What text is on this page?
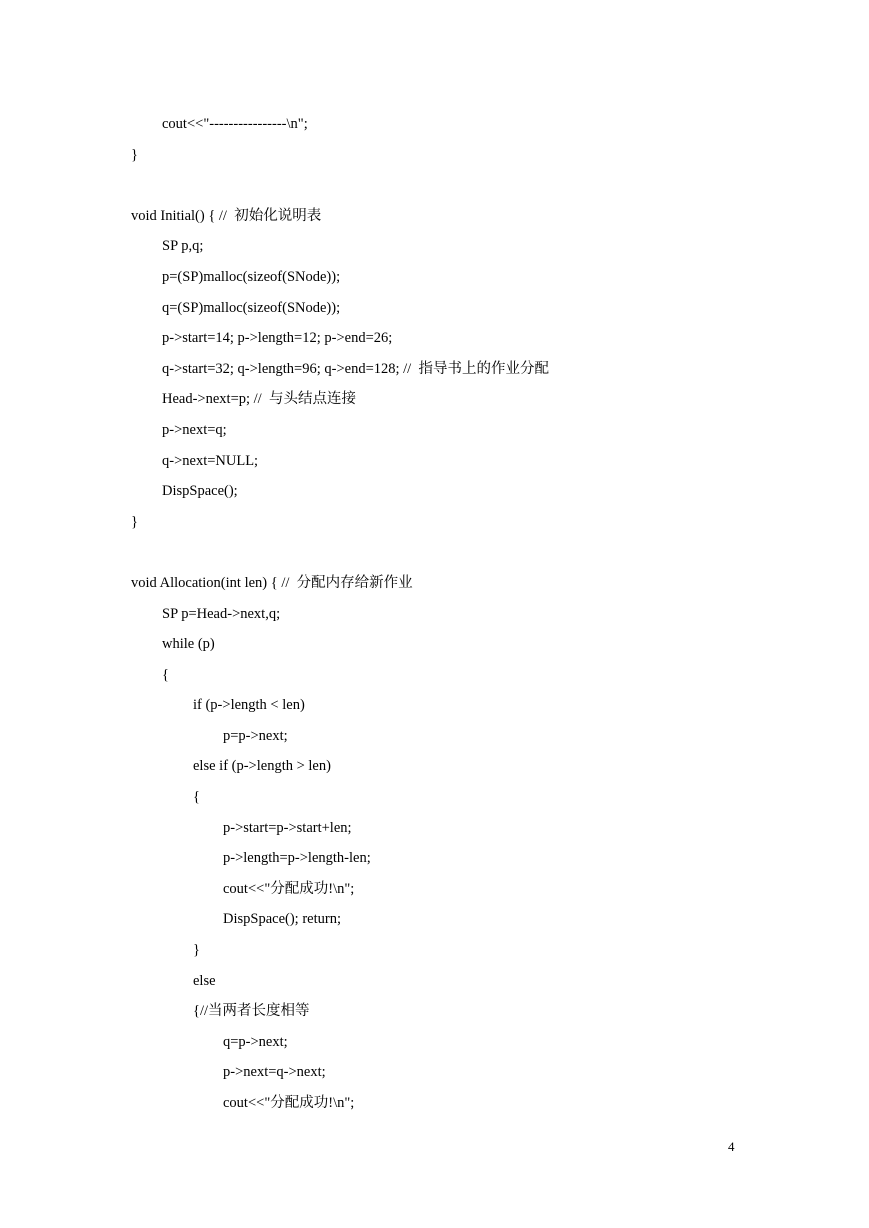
cout<<"----------------\n";
}
void Initial() { //  初始化说明表
SP p,q;
p=(SP)malloc(sizeof(SNode));
q=(SP)malloc(sizeof(SNode));
p->start=14; p->length=12; p->end=26;
q->start=32; q->length=96; q->end=128; //  指导书上的作业分配
Head->next=p; //  与头结点连接
p->next=q;
q->next=NULL;
DispSpace();
}
void Allocation(int len) { //  分配内存给新作业
SP p=Head->next,q;
while (p)
{
if (p->length < len)
p=p->next;
else if (p->length > len)
{
p->start=p->start+len;
p->length=p->length-len;
cout<<"分配成功!\n";
DispSpace(); return;
}
else
{//当两者长度相等
q=p->next;
p->next=q->next;
cout<<"分配成功!\n";
4
